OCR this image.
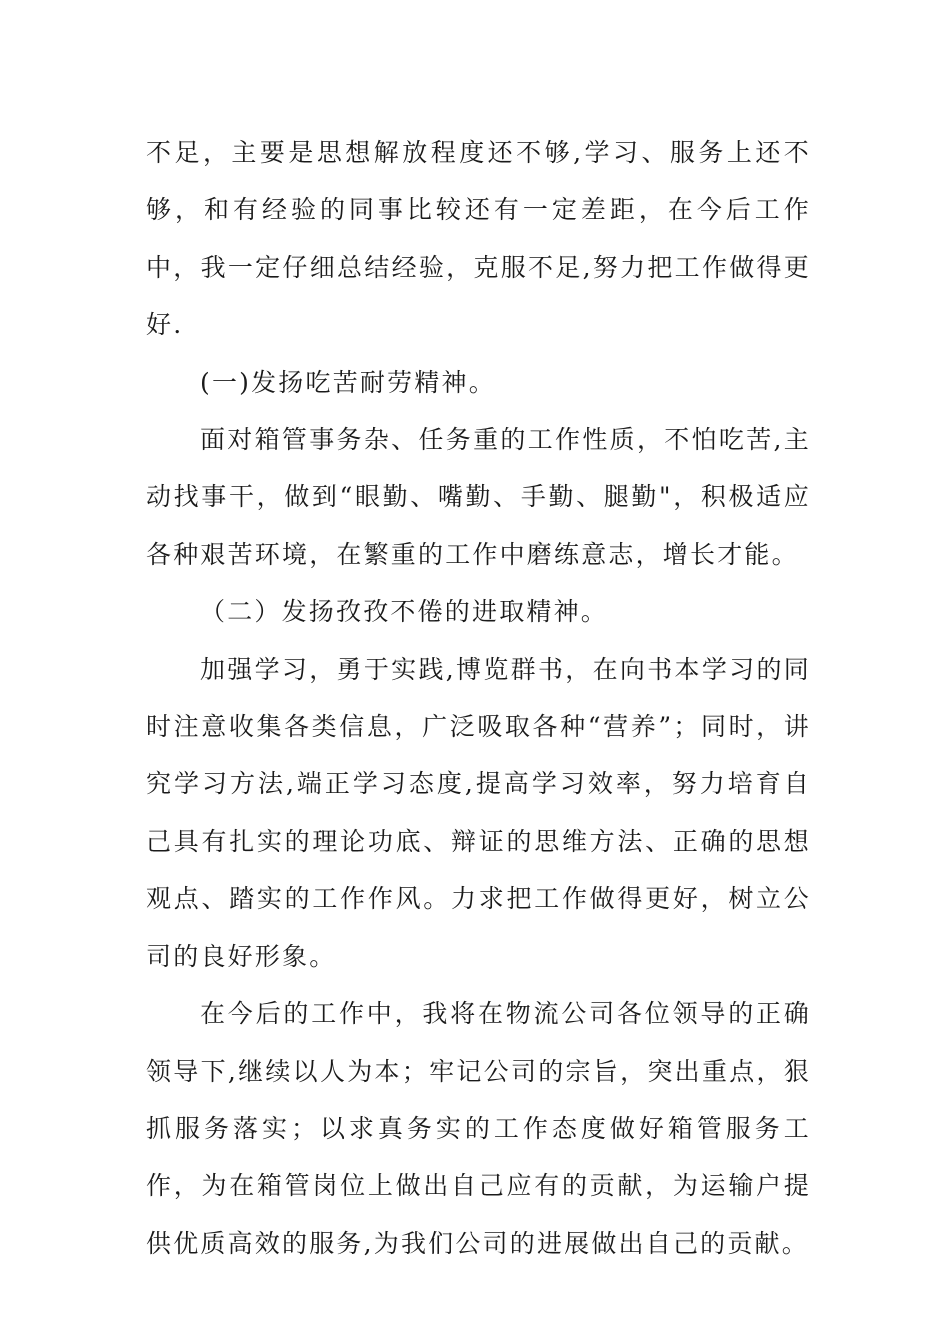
不足，主要是思想解放程度还不够,学习、服务上还不够，和有经验的同事比较还有一定差距，在今后工作中，我一定仔细总结经验，克服不足,努力把工作做得更好.

(一)发扬吃苦耐劳精神。

面对箱管事务杂、任务重的工作性质，不怕吃苦,主动找事干，做到“眼勤、嘴勤、手勤、腿勤"，积极适应各种艰苦环境，在繁重的工作中磨练意志，增长才能。

（二）发扬孜孜不倦的进取精神。

加强学习，勇于实践,博览群书，在向书本学习的同时注意收集各类信息，广泛吸取各种“营养”；同时，讲究学习方法,端正学习态度,提高学习效率，努力培育自己具有扎实的理论功底、辩证的思维方法、正确的思想观点、踏实的工作作风。力求把工作做得更好，树立公司的良好形象。

在今后的工作中，我将在物流公司各位领导的正确领导下,继续以人为本；牢记公司的宗旨，突出重点，狠抓服务落实；以求真务实的工作态度做好箱管服务工作，为在箱管岗位上做出自己应有的贡献，为运输户提供优质高效的服务,为我们公司的进展做出自己的贡献。
